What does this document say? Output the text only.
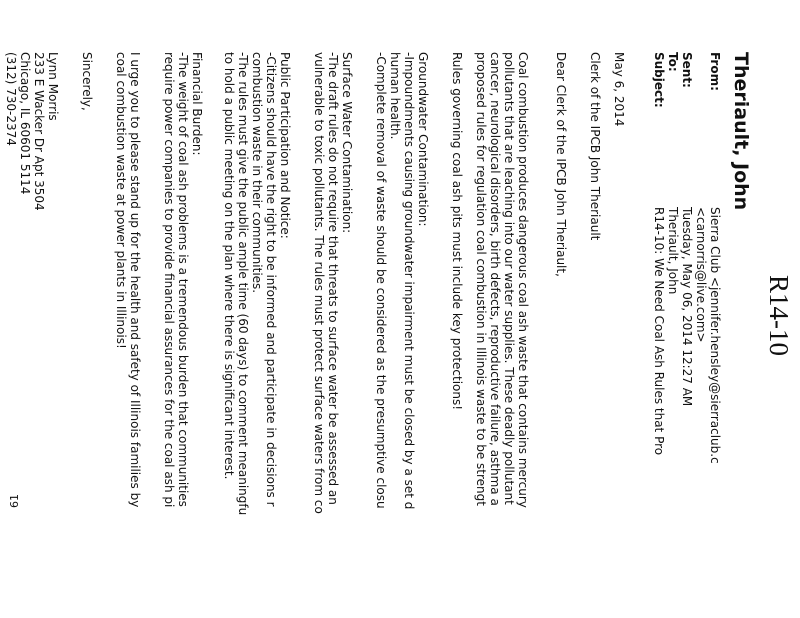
R14-10
Theriault, John
From:
Sierra Club <jennifer.hensley@sierraclub.c
<carnorris@live.com>
Sent:
Tuesday, May 06, 2014 12:27 AM
To:
Theriault, John
Subject:
R14-10: We Need Coal Ash Rules that Pro
May 6, 2014
Clerk of the IPCB John Theriault
Dear Clerk of the IPCB John Theriault,
Coal combustion produces dangerous coal ash waste that contains mercury
pollutants that are leaching into our water supplies. These deadly pollutant
cancer, neurological disorders, birth defects, reproductive failure, asthma a
proposed rules for regulation coal combustion in Illinois waste to be strengt
Rules governing coal ash pits must include key protections!
Groundwater Contamination:
-Impoundments causing groundwater impairment must be closed by a set d
human health.
-Complete removal of waste should be considered as the presumptive closu
Surface Water Contamination:
-The draft rules do not require that threats to surface water be assessed an
vulnerable to toxic pollutants. The rules must protect surface waters from co
Public Participation and Notice:
-Citizens should have the right to be informed and participate in decisions r
combustion waste in their communities.
-The rules must give the public ample time (60 days) to comment meaningfu
to hold a public meeting on the plan where there is significant interest.
Financial Burden:
-The weight of coal ash problems is a tremendous burden that communities
require power companies to provide financial assurances for the coal ash pi
I urge you to please stand up for the health and safety of Illinois families by
coal combustion waste at power plants in Illinois!
Sincerely,
Lynn Morris
233 E Wacker Dr Apt 3504
Chicago, IL 60601 5114
(312) 730-2374
61
